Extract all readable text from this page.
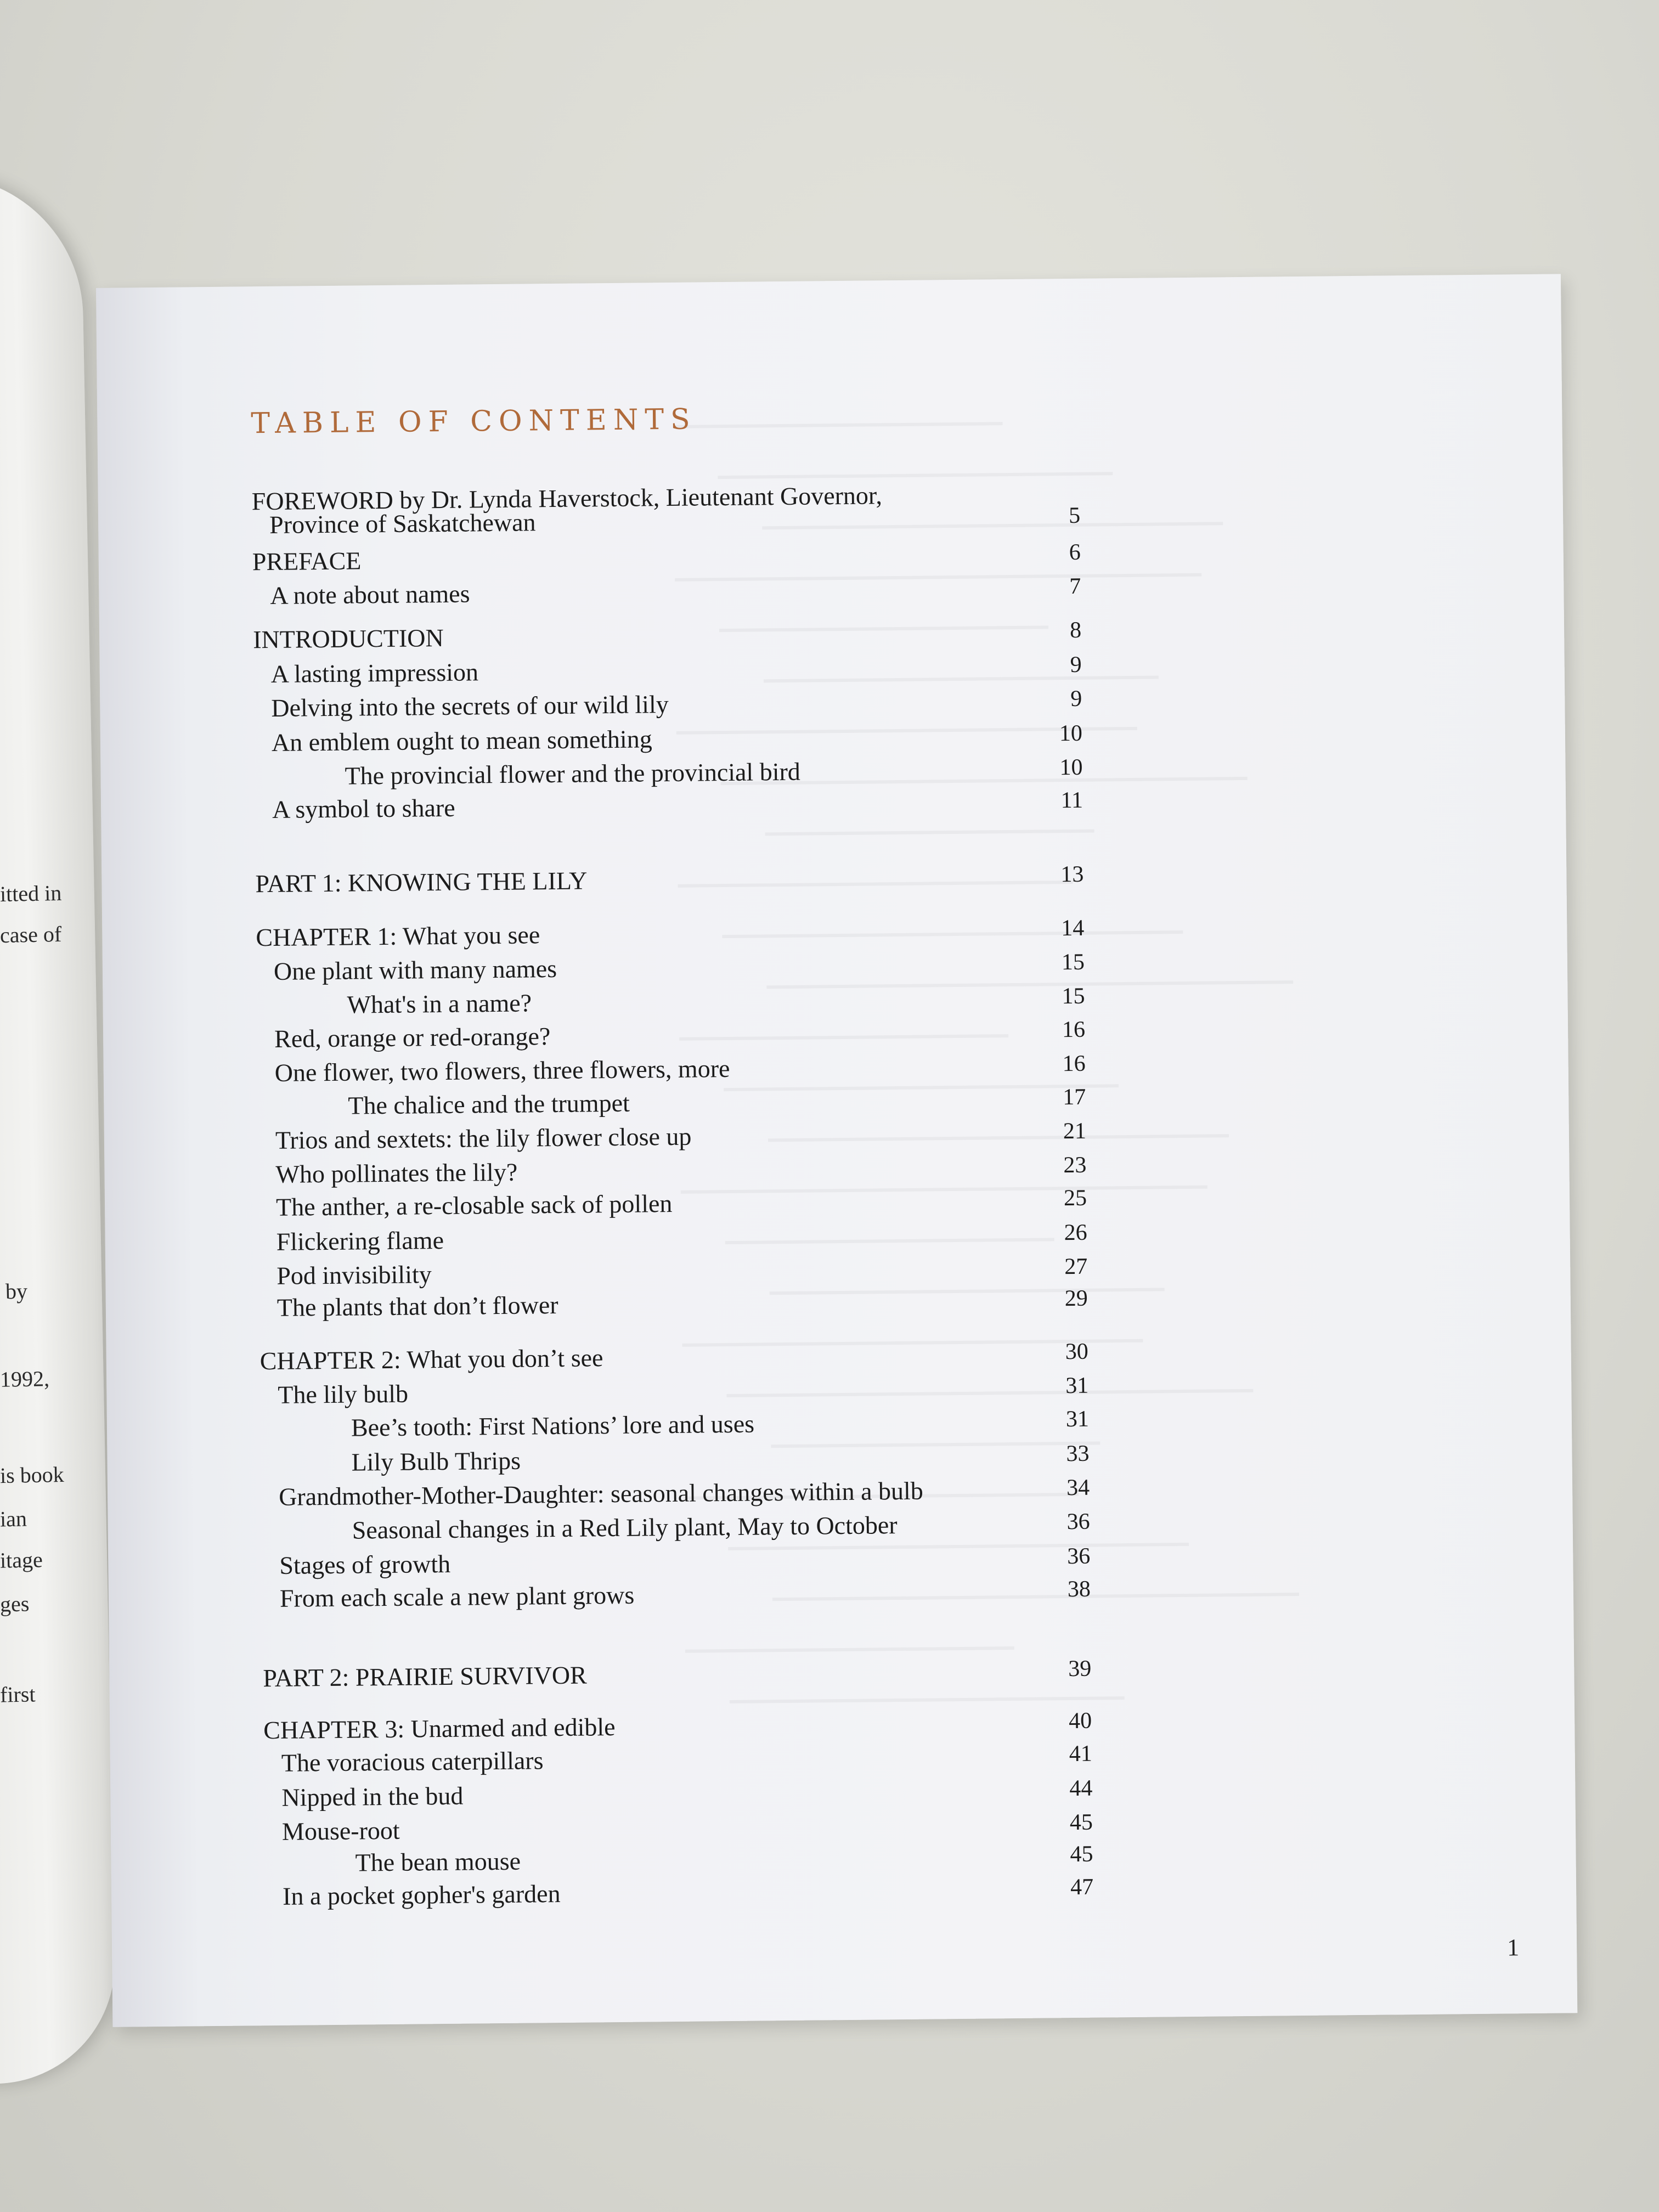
itted in
case of
by
1992,
is book
ian
itage
ges
first
TABLE OF CONTENTS
FOREWORD by Dr. Lynda Haverstock, Lieutenant Governor,
Province of Saskatchewan	5
PREFACE	6
A note about names	7
INTRODUCTION	8
A lasting impression	9
Delving into the secrets of our wild lily	9
An emblem ought to mean something	10
The provincial flower and the provincial bird	10
A symbol to share	11
PART 1: KNOWING THE LILY	13
CHAPTER 1: What you see	14
One plant with many names	15
What's in a name?	15
Red, orange or red-orange?	16
One flower, two flowers, three flowers, more	16
The chalice and the trumpet	17
Trios and sextets: the lily flower close up	21
Who pollinates the lily?	23
The anther, a re-closable sack of pollen	25
Flickering flame	26
Pod invisibility	27
The plants that don’t flower	29
CHAPTER 2: What you don’t see	30
The lily bulb	31
Bee’s tooth: First Nations’ lore and uses	31
Lily Bulb Thrips	33
Grandmother-Mother-Daughter: seasonal changes within a bulb	34
Seasonal changes in a Red Lily plant, May to October	36
Stages of growth	36
From each scale a new plant grows	38
PART 2: PRAIRIE SURVIVOR	39
CHAPTER 3: Unarmed and edible	40
The voracious caterpillars	41
Nipped in the bud	44
Mouse-root	45
The bean mouse	45
In a pocket gopher's garden	47
1
